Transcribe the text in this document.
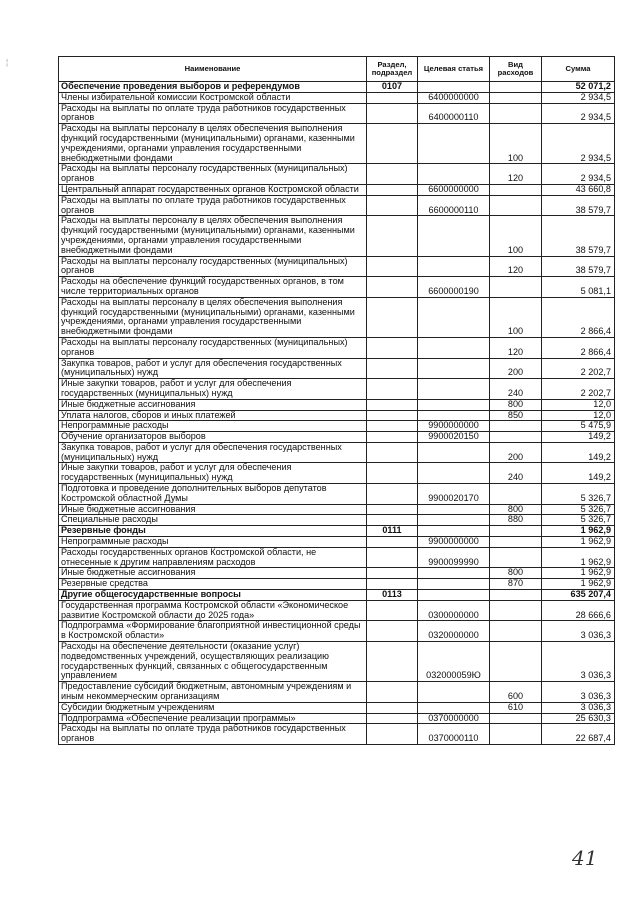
¦
Наименование	Раздел, подраздел	Целевая статья	Вид расходов	Сумма
Обеспечение проведения выборов и референдумов	0107			52 071,2
Члены избирательной комиссии Костромской области		6400000000		2 934,5
Расходы на выплаты по оплате труда работников государственных органов		6400000110		2 934,5
Расходы на выплаты персоналу в целях обеспечения выполнения функций государственными (муниципальными) органами, казенными учреждениями, органами управления государственными внебюджетными фондами			100	2 934,5
Расходы на выплаты персоналу государственных (муниципальных) органов			120	2 934,5
Центральный аппарат государственных органов Костромской области		6600000000		43 660,8
Расходы на выплаты по оплате труда работников государственных органов		6600000110		38 579,7
Расходы на выплаты персоналу в целях обеспечения выполнения функций государственными (муниципальными) органами, казенными учреждениями, органами управления государственными внебюджетными фондами			100	38 579,7
Расходы на выплаты персоналу государственных (муниципальных) органов			120	38 579,7
Расходы на обеспечение функций государственных органов, в том числе территориальных органов		6600000190		5 081,1
Расходы на выплаты персоналу в целях обеспечения выполнения функций государственными (муниципальными) органами, казенными учреждениями, органами управления государственными внебюджетными фондами			100	2 866,4
Расходы на выплаты персоналу государственных (муниципальных) органов			120	2 866,4
Закупка товаров, работ и услуг для обеспечения государственных (муниципальных) нужд			200	2 202,7
Иные закупки товаров, работ и услуг для обеспечения государственных (муниципальных) нужд			240	2 202,7
Иные бюджетные ассигнования			800	12,0
Уплата налогов, сборов и иных платежей			850	12,0
Непрограммные расходы		9900000000		5 475,9
Обучение организаторов выборов		9900020150		149,2
Закупка товаров, работ и услуг для обеспечения государственных (муниципальных) нужд			200	149,2
Иные закупки товаров, работ и услуг для обеспечения государственных (муниципальных) нужд			240	149,2
Подготовка и проведение дополнительных выборов депутатов Костромской областной Думы		9900020170		5 326,7
Иные бюджетные ассигнования			800	5 326,7
Специальные расходы			880	5 326,7
Резервные фонды	0111			1 962,9
Непрограммные расходы		9900000000		1 962,9
Расходы государственных органов Костромской области, не отнесенные к другим направлениям расходов		9900099990		1 962,9
Иные бюджетные ассигнования			800	1 962,9
Резервные средства			870	1 962,9
Другие общегосударственные вопросы	0113			635 207,4
Государственная программа Костромской области «Экономическое развитие Костромской области до 2025 года»		0300000000		28 666,6
Подпрограмма «Формирование благоприятной инвестиционной среды в Костромской области»		0320000000		3 036,3
Расходы на обеспечение деятельности (оказание услуг) подведомственных учреждений, осуществляющих реализацию государственных функций, связанных с общегосударственным управлением		032000059Ю		3 036,3
Предоставление субсидий бюджетным, автономным учреждениям и иным некоммерческим организациям			600	3 036,3
Субсидии бюджетным учреждениям			610	3 036,3
Подпрограмма «Обеспечение реализации программы»		0370000000		25 630,3
Расходы на выплаты по оплате труда работников государственных органов		0370000110		22 687,4
41
